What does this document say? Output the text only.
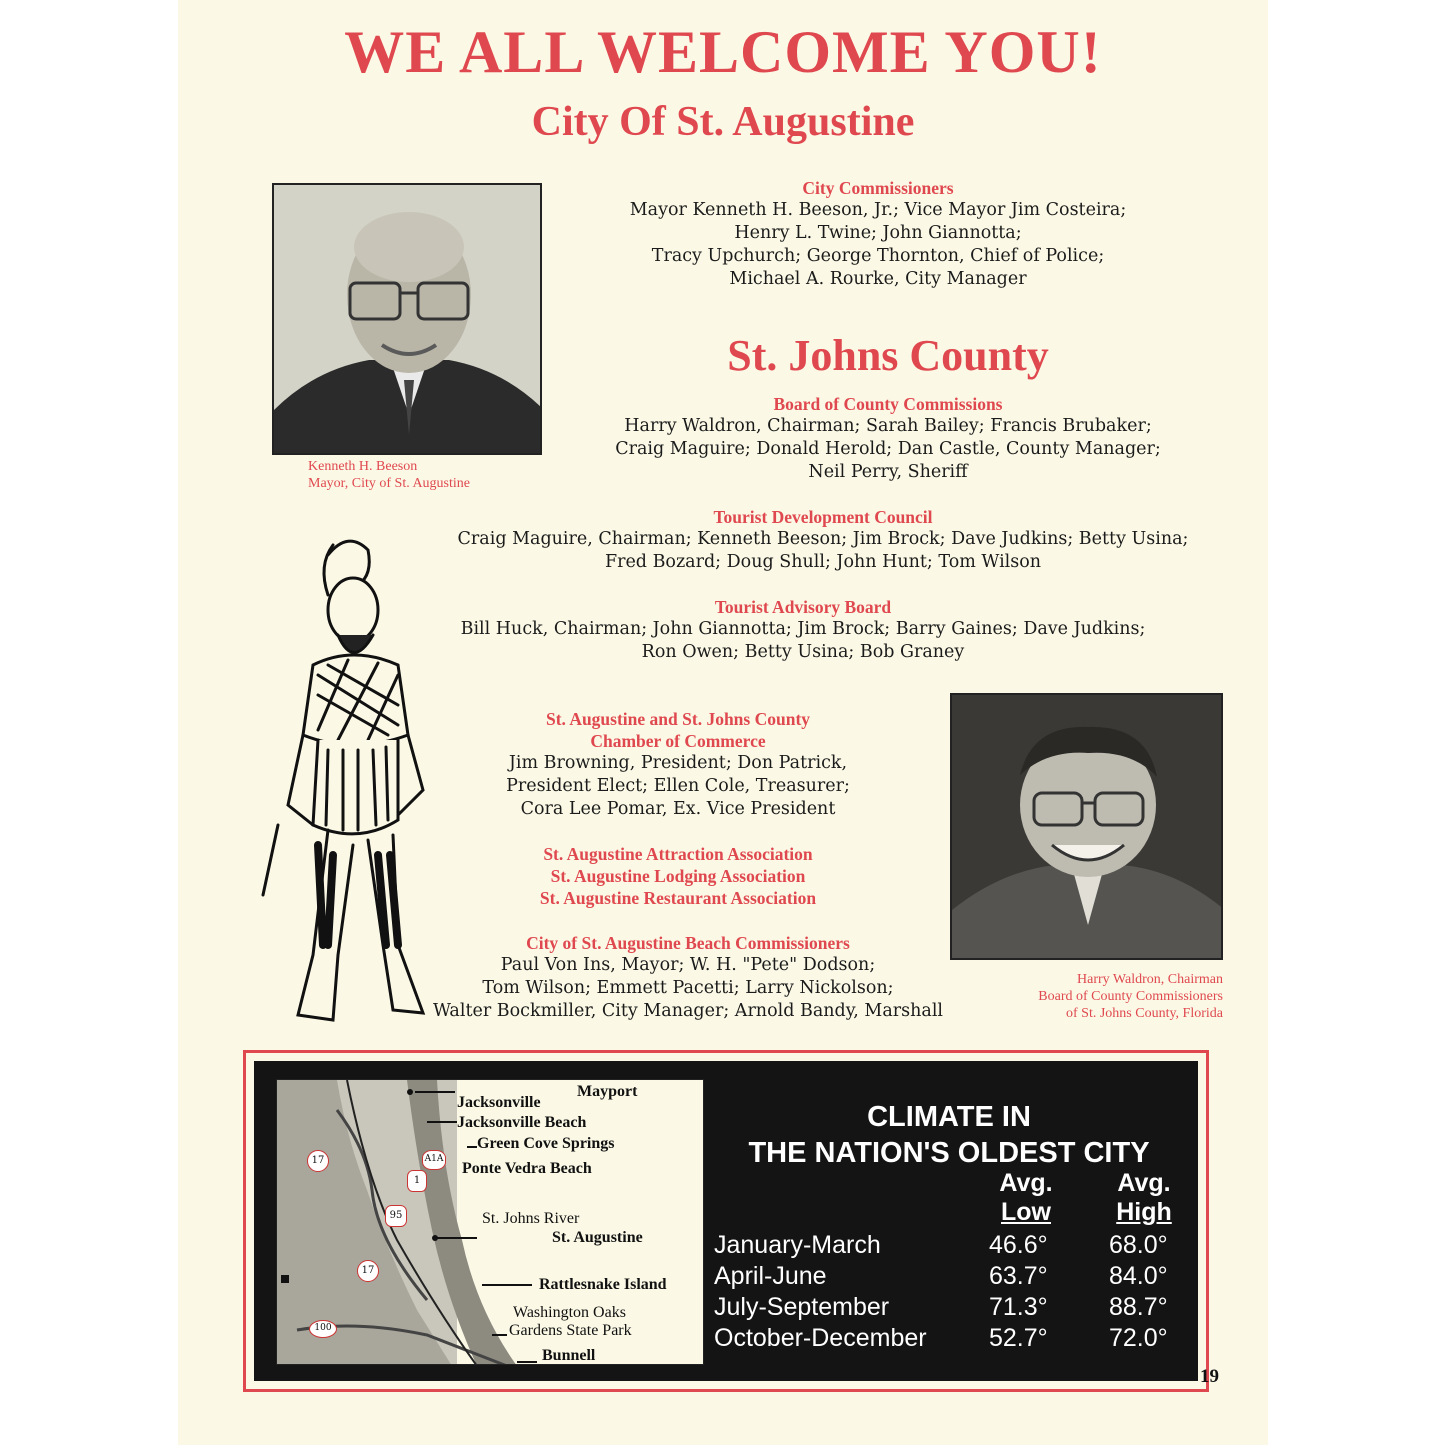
WE ALL WELCOME YOU!
City Of St. Augustine
Kenneth H. Beeson
Mayor, City of St. Augustine
City Commissioners
Mayor Kenneth H. Beeson, Jr.; Vice Mayor Jim Costeira;
Henry L. Twine; John Giannotta;
Tracy Upchurch; George Thornton, Chief of Police;
Michael A. Rourke, City Manager
St. Johns County
Board of County Commissions
Harry Waldron, Chairman; Sarah Bailey; Francis Brubaker;
Craig Maguire; Donald Herold; Dan Castle, County Manager;
Neil Perry, Sheriff
Tourist Development Council
Craig Maguire, Chairman; Kenneth Beeson; Jim Brock; Dave Judkins; Betty Usina;
Fred Bozard; Doug Shull; John Hunt; Tom Wilson
Tourist Advisory Board
Bill Huck, Chairman; John Giannotta; Jim Brock; Barry Gaines; Dave Judkins;
Ron Owen; Betty Usina; Bob Graney
St. Augustine and St. Johns County
Chamber of Commerce
Jim Browning, President; Don Patrick,
President Elect; Ellen Cole, Treasurer;
Cora Lee Pomar, Ex. Vice President
St. Augustine Attraction Association
St. Augustine Lodging Association
St. Augustine Restaurant Association
City of St. Augustine Beach Commissioners
Paul Von Ins, Mayor; W. H. "Pete" Dodson;
Tom Wilson; Emmett Pacetti; Larry Nickolson;
Walter Bockmiller, City Manager; Arnold Bandy, Marshall
Harry Waldron, Chairman
Board of County Commissioners
of St. Johns County, Florida
Mayport
Jacksonville
Jacksonville Beach
Green Cove Springs
Ponte Vedra Beach
St. Johns River
St. Augustine
Rattlesnake Island
Washington Oaks
Gardens State Park
Bunnell
17	A1A
1
95
17
100
CLIMATE IN
THE NATION'S OLDEST CITY
Avg.
Low
Avg.
High
January-March	46.6° 68.0°
April-June	63.7° 84.0°
July-September	71.3° 88.7°
October-December 52.7° 72.0°
19
